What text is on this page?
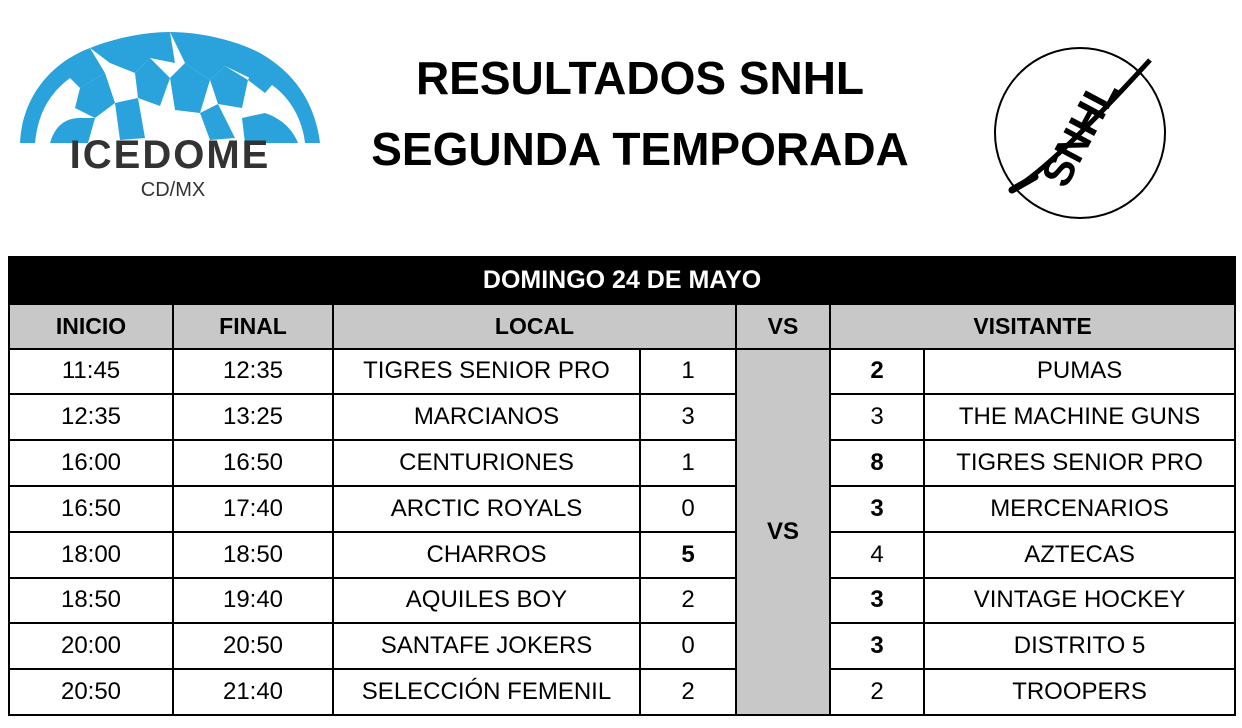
ICEDOME
CD/MX
RESULTADOS SNHL
SEGUNDA TEMPORADA	SNHL
DOMINGO 24 DE MAYO						
INICIO	FINAL	LOCAL		VS	VISITANTE	
11:45	12:35	TIGRES SENIOR PRO	1	VS	2	PUMAS
12:35	13:25	MARCIANOS	3		3	THE MACHINE GUNS
16:00	16:50	CENTURIONES	1		8	TIGRES SENIOR PRO
16:50	17:40	ARCTIC ROYALS	0		3	MERCENARIOS
18:00	18:50	CHARROS	5		4	AZTECAS
18:50	19:40	AQUILES BOY	2		3	VINTAGE HOCKEY
20:00	20:50	SANTAFE JOKERS	0		3	DISTRITO 5
20:50	21:40	SELECCIÓN FEMENIL	2		2	TROOPERS
